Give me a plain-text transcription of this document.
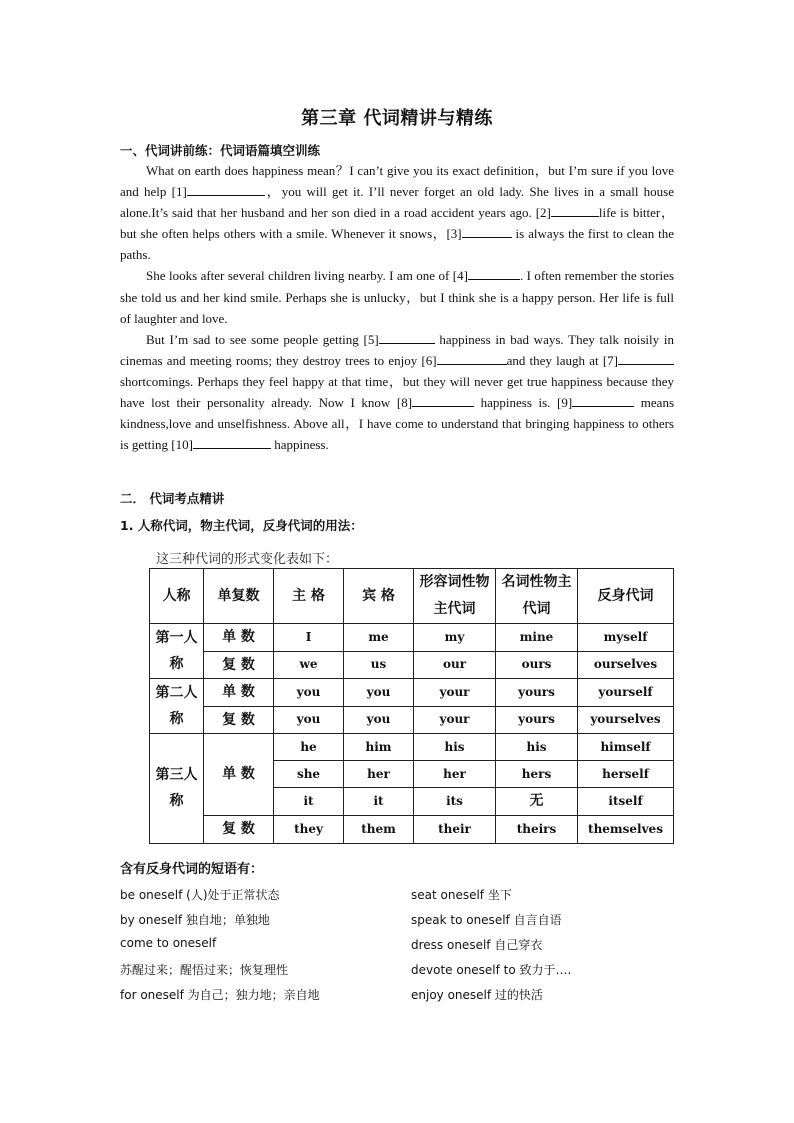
第三章 代词精讲与精练
一、代词讲前练：代词语篇填空训练

What on earth does happiness mean？I can’t give you its exact definition，but I’m sure if you love and help [1]	，you will get it. I’ll never forget an old lady. She lives in a small house alone.It’s said that her husband and her son died in a road accident years ago. [2]	life is bitter，but she often helps others with a smile. Whenever it snows，[3]	is always the first to clean the paths.

She looks after several children living nearby. I am one of [4]	. I often remember the stories she told us and her kind smile. Perhaps she is unlucky，but I think she is a happy person. Her life is full of laughter and love.

But I’m sad to see some people getting [5]	happiness in bad ways. They talk noisily in cinemas and meeting rooms; they destroy trees to enjoy [6]	and they laugh at [7] shortcomings. Perhaps they feel happy at that time，but they will never get true happiness because they have lost their personality already. Now I know [8]	happiness is. [9]	means kindness,love and unselfishness. Above all，I have come to understand that bringing happiness to others is getting [10]	happiness.

二． 代词考点精讲
1. 人称代词，物主代词，反身代词的用法：
这三种代词的形式变化表如下：
人称	单复数	主 格	宾 格	形容词性物主代词	名词性物主代词	反身代词
第一人称	单 数	I	me	my	mine	myself
	复 数	we	us	our	ours	ourselves
第二人称	单 数	you	you	your	yours	yourself
	复 数	you	you	your	yours	yourselves
第三人称	单 数	he	him	his	his	himself
		she	her	her	hers	herself
		it	it	its	无	itself
	复 数	they	them	their	theirs	themselves
含有反身代词的短语有：
be oneself (人)处于正常状态
by oneself 独自地；单独地
come to oneself
苏醒过来；醒悟过来；恢复理性
for oneself 为自己；独力地；亲自地
seat oneself 坐下
speak to oneself 自言自语
dress oneself 自己穿衣
devote oneself to 致力于….
enjoy oneself 过的快活
